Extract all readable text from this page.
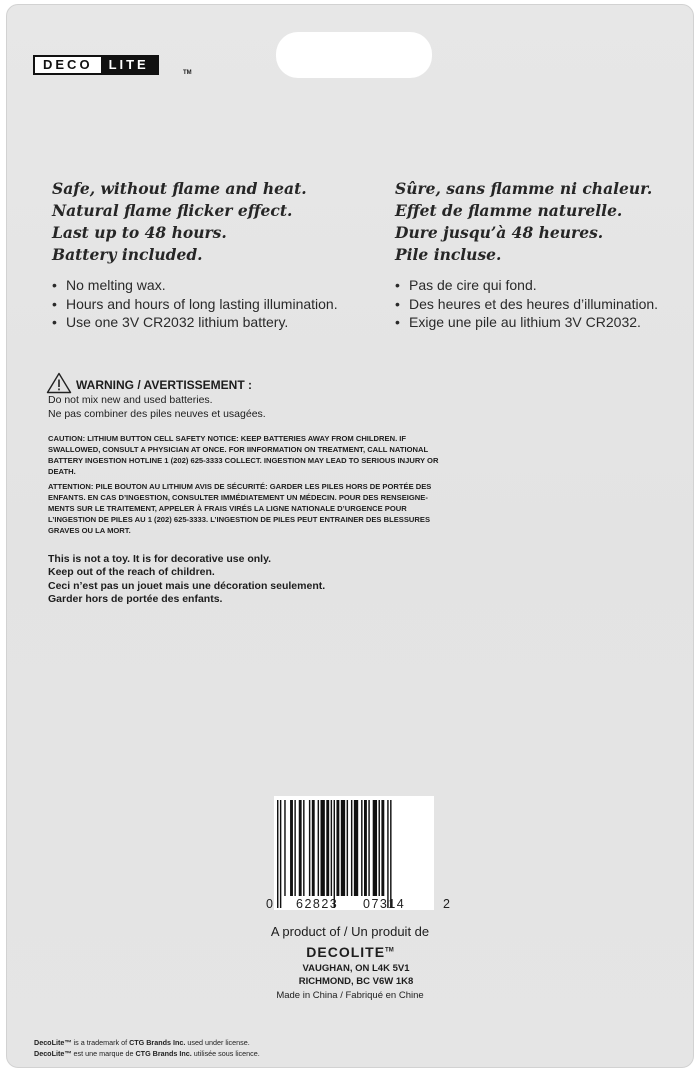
DECO	LITE
TM
Safe, without flame and heat.
Natural flame flicker effect.
Last up to 48 hours.
Battery included.
Sûre, sans flamme ni chaleur.
Effet de flamme naturelle.
Dure jusqu’à 48 heures.
Pile incluse.
• No melting wax.
• Hours and hours of long lasting illumination.
• Use one 3V CR2032 lithium battery.
• Pas de cire qui fond.
• Des heures et des heures d’illumination.
• Exige une pile au lithium 3V CR2032.
WARNING / AVERTISSEMENT :
Do not mix new and used batteries.
Ne pas combiner des piles neuves et usagées.
CAUTION: LITHIUM BUTTON CELL SAFETY NOTICE: KEEP BATTERIES AWAY FROM CHILDREN. IF
SWALLOWED, CONSULT A PHYSICIAN AT ONCE. FOR IINFORMATION ON TREATMENT, CALL NATIONAL
BATTERY INGESTION HOTLINE 1 (202) 625-3333 COLLECT. INGESTION MAY LEAD TO SERIOUS INJURY OR
DEATH.
ATTENTION: PILE BOUTON AU LITHIUM AVIS DE SÉCURITÉ: GARDER LES PILES HORS DE PORTÉE DES
ENFANTS. EN CAS D’INGESTION, CONSULTER IMMÉDIATEMENT UN MÉDECIN. POUR DES RENSEIGNE-
MENTS SUR LE TRAITEMENT, APPELER À FRAIS VIRÉS LA LIGNE NATIONALE D’URGENCE POUR
L’INGESTION DE PILES AU 1 (202) 625-3333. L’INGESTION DE PILES PEUT ENTRAINER DES BLESSURES
GRAVES OU LA MORT.
This is not a toy. It is for decorative use only.
Keep out of the reach of children.
Ceci n’est pas un jouet mais une décoration seulement.
Garder hors de portée des enfants.
0 62823 07314	2
A product of / Un produit de
DECOLITE™
VAUGHAN, ON L4K 5V1
RICHMOND, BC V6W 1K8
Made in China / Fabriqué en Chine
DecoLite™ is a trademark of CTG Brands Inc. used under license.
DecoLite™ est une marque de CTG Brands Inc. utilisée sous licence.
